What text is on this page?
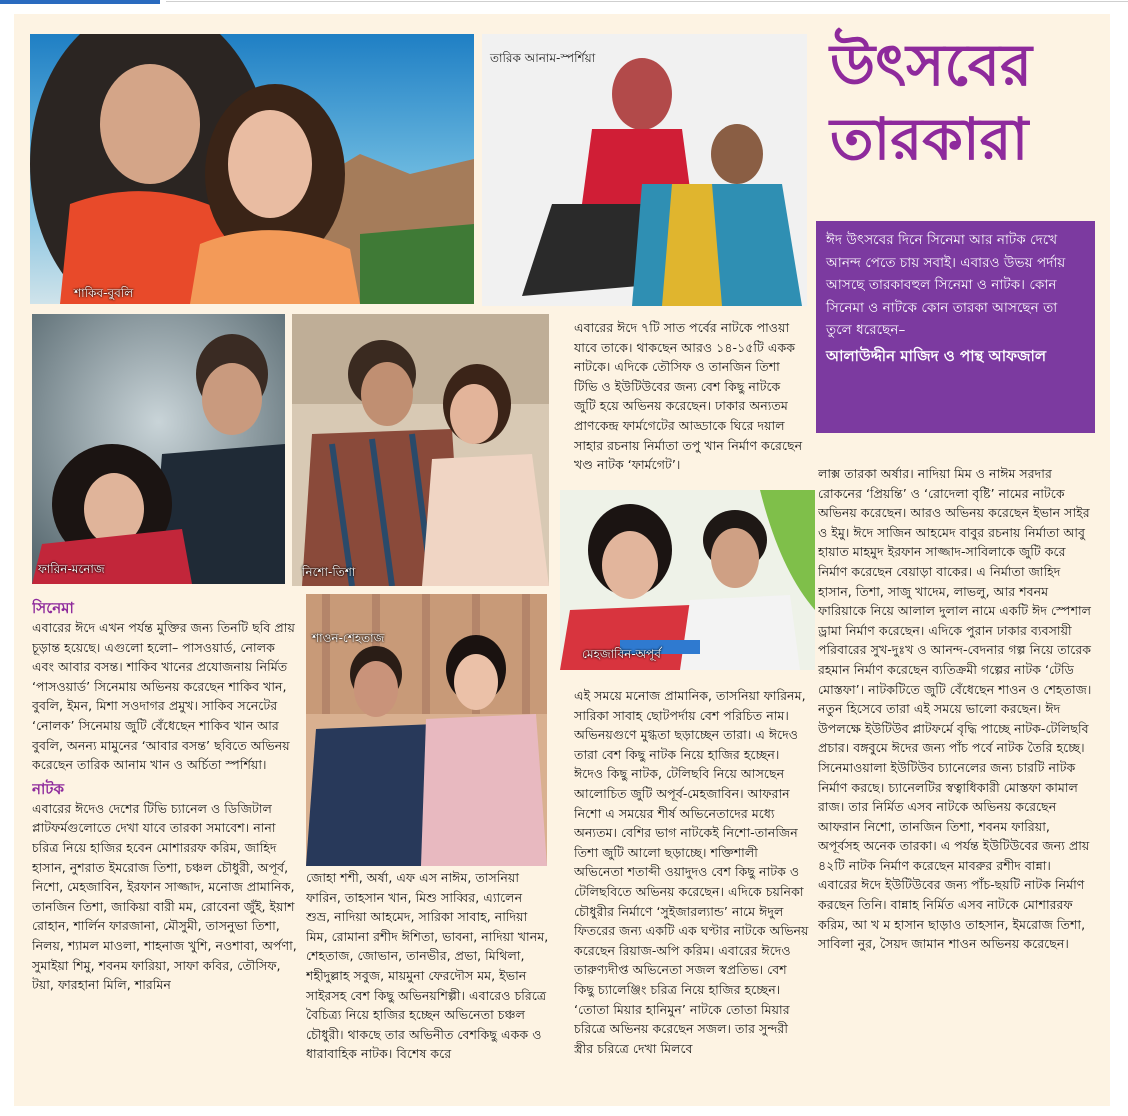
শাকিব-বুবলি
তারিক আনাম-স্পর্শিয়া	উৎসবের
তারকারা
ঈদ উৎসবের দিনে সিনেমা আর নাটক দেখে আনন্দ পেতে চায় সবাই। এবারও উভয় পর্দায় আসছে তারকাবহুল সিনেমা ও নাটক। কোন সিনেমা ও নাটকে কোন তারকা আসছেন তা তুলে ধরেছেন–
আলাউদ্দীন মাজিদ ও পান্থ আফজাল
ফারিন-মনোজ	নিশো-তিশা

এবারের ঈদে ৭টি সাত পর্বের নাটকে পাওয়া যাবে তাকে। থাকছেন আরও ১৪-১৫টি একক নাটকে। এদিকে তৌসিফ ও তানজিন তিশা টিভি ও ইউটিউবের জন্য বেশ কিছু নাটকে জুটি হয়ে অভিনয় করেছেন। ঢাকার অন্যতম প্রাণকেন্দ্র ফার্মগেটের আড্ডাকে ঘিরে দয়াল সাহার রচনায় নির্মাতা তপু খান নির্মাণ করেছেন খণ্ড নাটক ‘ফার্মগেট’।

মেহজাবিন-অপূর্ব
শাওন-শেহতাজ
সিনেমা

এবারের ঈদে এখন পর্যন্ত মুক্তির জন্য তিনটি ছবি প্রায় চূড়ান্ত হয়েছে। এগুলো হলো– পাসওয়ার্ড, নোলক এবং আবার বসন্ত। শাকিব খানের প্রযোজনায় নির্মিত ‘পাসওয়ার্ড’ সিনেমায় অভিনয় করেছেন শাকিব খান, বুবলি, ইমন, মিশা সওদাগর প্রমুখ। সাকিব সনেটের ‘নোলক’ সিনেমায় জুটি বেঁধেছেন শাকিব খান আর বুবলি, অনন্য মামুনের ‘আবার বসন্ত’ ছবিতে অভিনয় করেছেন তারিক আনাম খান ও অর্চিতা স্পর্শিয়া।

নাটক

এবারের ঈদেও দেশের টিভি চ্যানেল ও ডিজিটাল প্লাটফর্মগুলোতে দেখা যাবে তারকা সমাবেশ। নানা চরিত্র নিয়ে হাজির হবেন মোশাররফ করিম, জাহিদ হাসান, নুশরাত ইমরোজ তিশা, চঞ্চল চৌধুরী, অপূর্ব, নিশো, মেহজাবিন, ইরফান সাজ্জাদ, মনোজ প্রামানিক, তানজিন তিশা, জাকিয়া বারী মম, রোবেনা জুঁই, ইয়াশ রোহান, শার্লিন ফারজানা, মৌসুমী, তাসনুভা তিশা, নিলয়, শ্যামল মাওলা, শাহনাজ খুশি, নওশাবা, অর্পণা, সুমাইয়া শিমু, শবনম ফারিয়া, সাফা কবির, তৌসিফ, টয়া, ফারহানা মিলি, শারমিন

জোহা শশী, অর্ষা, এফ এস নাঈম, তাসনিয়া ফারিন, তাহসান খান, মিশু সাব্বির, এ্যালেন শুভ্র, নাদিয়া আহমেদ, সারিকা সাবাহ, নাদিয়া মিম, রোমানা রশীদ ঈশিতা, ভাবনা, নাদিয়া খানম, শেহতাজ, জোভান, তানভীর, প্রভা, মিথিলা, শহীদুল্লাহ সবুজ, মায়মুনা ফেরদৌস মম, ইভান সাইরসহ বেশ কিছু অভিনয়শিল্পী। এবারেও চরিত্রে বৈচিত্র্য নিয়ে হাজির হচ্ছেন অভিনেতা চঞ্চল চৌধুরী। থাকছে তার অভিনীত বেশকিছু একক ও ধারাবাহিক নাটক। বিশেষ করে

এই সময়ে মনোজ প্রামানিক, তাসনিয়া ফারিনম, সারিকা সাবাহ ছোটপর্দায় বেশ পরিচিত নাম। অভিনয়গুণে মুগ্ধতা ছড়াচ্ছেন তারা। এ ঈদেও তারা বেশ কিছু নাটক নিয়ে হাজির হচ্ছেন। ঈদেও কিছু নাটক, টেলিছবি নিয়ে আসছেন আলোচিত জুটি অপূর্ব-মেহজাবিন। আফরান নিশো এ সময়ের শীর্ষ অভিনেতাদের মধ্যে অন্যতম। বেশির ভাগ নাটকেই নিশো-তানজিন তিশা জুটি আলো ছড়াচ্ছে। শক্তিশালী অভিনেতা শতাব্দী ওয়াদুদও বেশ কিছু নাটক ও টেলিছবিতে অভিনয় করেছেন। এদিকে চয়নিকা চৌধুরীর নির্মাণে ‘সুইজারল্যান্ড’ নামে ঈদুল ফিতরের জন্য একটি এক ঘণ্টার নাটকে অভিনয় করেছেন রিয়াজ-অপি করিম। এবারের ঈদেও তারুণ্যদীপ্ত অভিনেতা সজল স্বপ্রতিভ। বেশ কিছু চ্যালেঞ্জিং চরিত্র নিয়ে হাজির হচ্ছেন। ‘তোতা মিয়ার হানিমুন’ নাটকে তোতা মিয়ার চরিত্রে অভিনয় করেছেন সজল। তার সুন্দরী স্ত্রীর চরিত্রে দেখা মিলবে

লাক্স তারকা অর্ষার। নাদিয়া মিম ও নাঈম সরদার রোকনের ‘প্রিয়ন্তি’ ও ‘রোদেলা বৃষ্টি’ নামের নাটকে অভিনয় করেছেন। আরও অভিনয় করেছেন ইভান সাইর ও ইমু। ঈদে সাজিন আহমেদ বাবুর রচনায় নির্মাতা আবু হায়াত মাহমুদ ইরফান সাজ্জাদ-সাবিলাকে জুটি করে নির্মাণ করেছেন বেয়াড়া বাকের। এ নির্মাতা জাহিদ হাসান, তিশা, সাজু খাদেম, লাভলু, আর শবনম ফারিয়াকে নিয়ে আলাল দুলাল নামে একটি ঈদ স্পেশাল ড্রামা নির্মাণ করেছেন। এদিকে পুরান ঢাকার ব্যবসায়ী পরিবারের সুখ-দুঃখ ও আনন্দ-বেদনার গল্প নিয়ে তারেক রহমান নির্মাণ করেছেন ব্যতিক্রমী গল্পের নাটক ‘টেডি মোস্তফা’। নাটকটিতে জুটি বেঁধেছেন শাওন ও শেহতাজ। নতুন হিসেবে তারা এই সময়ে ভালো করছেন। ঈদ উপলক্ষে ইউটিউব প্লাটফর্মে বৃদ্ধি পাচ্ছে নাটক-টেলিছবি প্রচার। বঙ্গবুমে ঈদের জন্য পাঁচ পর্বে নাটক তৈরি হচ্ছে। সিনেমাওয়ালা ইউটিউব চ্যানেলের জন্য চারটি নাটক নির্মাণ করছে। চ্যানেলটির স্বত্বাধিকারী মোস্তফা কামাল রাজ। তার নির্মিত এসব নাটকে অভিনয় করেছেন আফরান নিশো, তানজিন তিশা, শবনম ফারিয়া, অপূর্বসহ অনেক তারকা। এ পর্যন্ত ইউটিউবের জন্য প্রায় ৪২টি নাটক নির্মাণ করেছেন মাবরুর রশীদ বান্না। এবারের ঈদে ইউটিউবের জন্য পাঁচ-ছয়টি নাটক নির্মাণ করছেন তিনি। বান্নাহ নির্মিত এসব নাটকে মোশাররফ করিম, আ খ ম হাসান ছাড়াও তাহসান, ইমরোজ তিশা, সাবিলা নুর, সৈয়দ জামান শাওন অভিনয় করেছেন।
